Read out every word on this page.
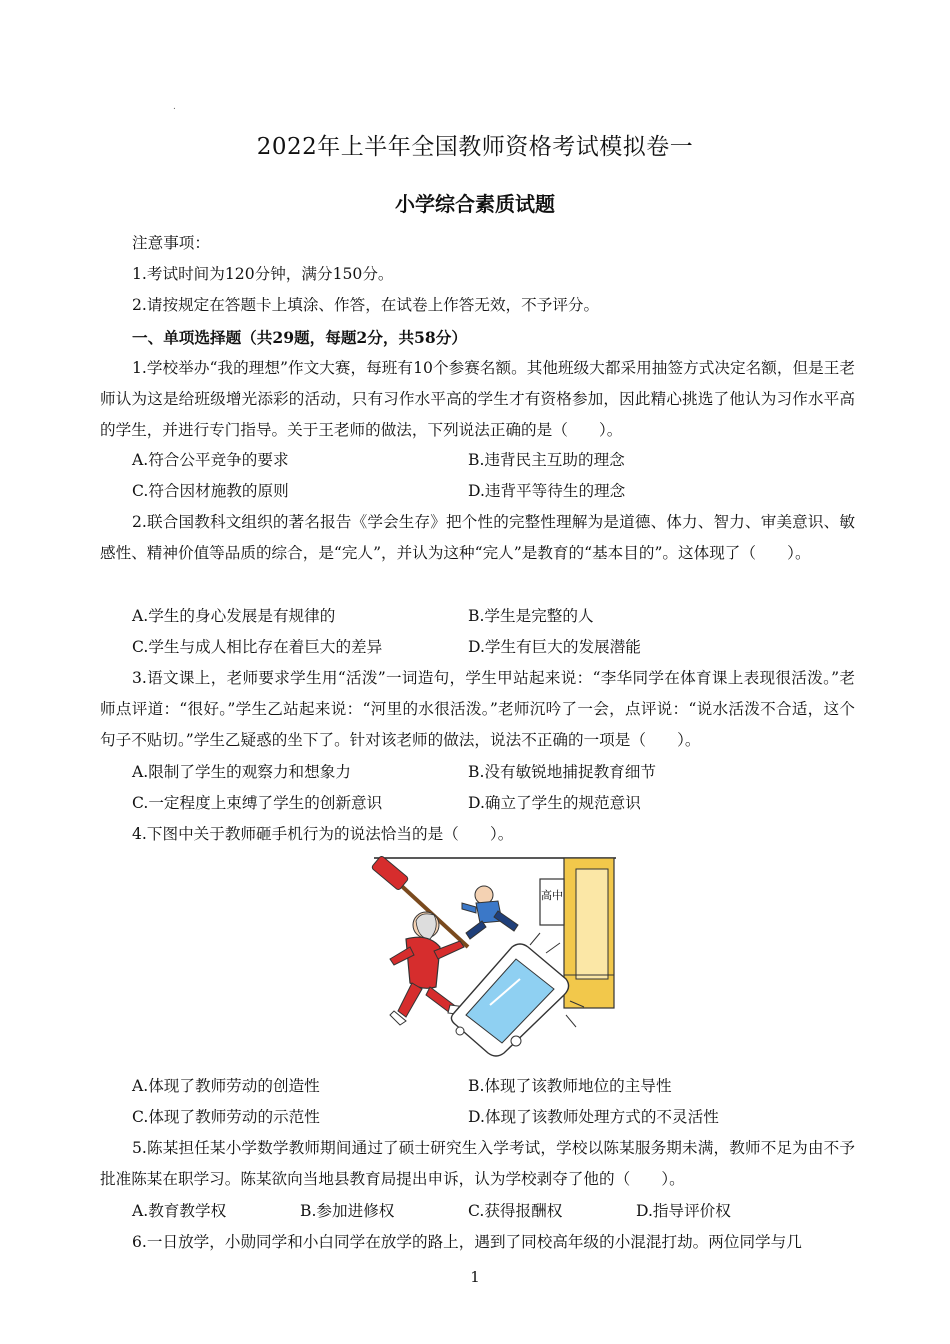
.
2022年上半年全国教师资格考试模拟卷一
小学综合素质试题

注意事项：

1.考试时间为120分钟，满分150分。

2.请按规定在答题卡上填涂、作答，在试卷上作答无效，不予评分。

一、单项选择题（共29题，每题2分，共58分）

1.学校举办“我的理想”作文大赛，每班有10个参赛名额。其他班级大都采用抽签方式决定名额，但是王老师认为这是给班级增光添彩的活动，只有习作水平高的学生才有资格参加，因此精心挑选了他认为习作水平高的学生，并进行专门指导。关于王老师的做法，下列说法正确的是（　　）。

A.符合公平竞争的要求	B.违背民主互助的理念
C.符合因材施教的原则	D.违背平等待生的理念

2.联合国教科文组织的著名报告《学会生存》把个性的完整性理解为是道德、体力、智力、审美意识、敏感性、精神价值等品质的综合，是“完人”，并认为这种“完人”是教育的“基本目的”。这体现了（　　）。

A.学生的身心发展是有规律的	B.学生是完整的人
C.学生与成人相比存在着巨大的差异	D.学生有巨大的发展潜能

3.语文课上，老师要求学生用“活泼”一词造句，学生甲站起来说：“李华同学在体育课上表现很活泼。”老师点评道：“很好。”学生乙站起来说：“河里的水很活泼。”老师沉吟了一会，点评说：“说水活泼不合适，这个句子不贴切。”学生乙疑惑的坐下了。针对该老师的做法，说法不正确的一项是（　　）。

A.限制了学生的观察力和想象力	B.没有敏锐地捕捉教育细节
C.一定程度上束缚了学生的创新意识	D.确立了学生的规范意识

4.下图中关于教师砸手机行为的说法恰当的是（　　）。

高中
A.体现了教师劳动的创造性	B.体现了该教师地位的主导性
C.体现了教师劳动的示范性	D.体现了该教师处理方式的不灵活性

5.陈某担任某小学数学教师期间通过了硕士研究生入学考试，学校以陈某服务期未满，教师不足为由不予批准陈某在职学习。陈某欲向当地县教育局提出申诉，认为学校剥夺了他的（　　）。

A.教育教学权	B.参加进修权	C.获得报酬权	D.指导评价权

6.一日放学，小勋同学和小白同学在放学的路上，遇到了同校高年级的小混混打劫。两位同学与几

1
